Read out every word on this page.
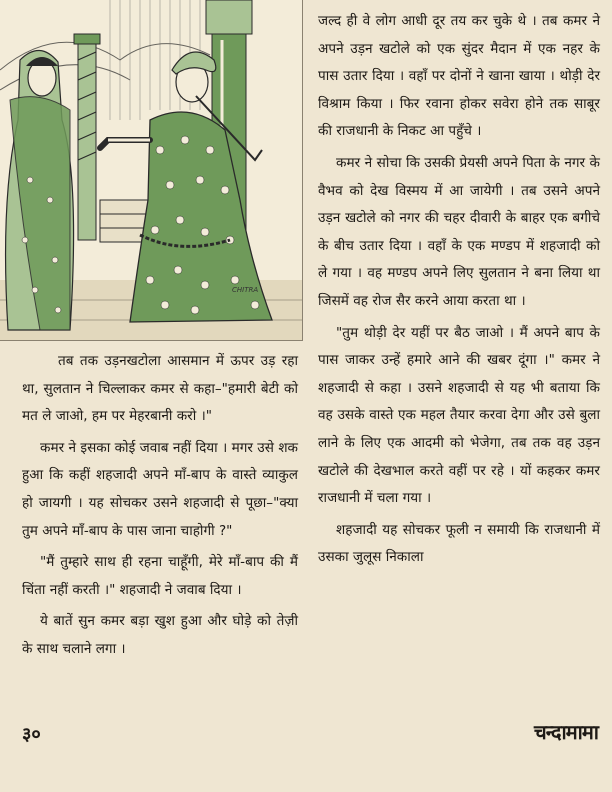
CHITRA

तब तक उड़नखटोला आसमान में ऊपर उड़ रहा था, सुलतान ने चिल्लाकर कमर से कहा–"हमारी बेटी को मत ले जाओ, हम पर मेहरबानी करो ।"

कमर ने इसका कोई जवाब नहीं दिया । मगर उसे शक हुआ कि कहीं शहजादी अपने माँ-बाप के वास्ते व्याकुल हो जायगी । यह सोचकर उसने शहजादी से पूछा–"क्या तुम अपने माँ-बाप के पास जाना चाहोगी ?"

"मैं तुम्हारे साथ ही रहना चाहूँगी, मेरे माँ-बाप की मैं चिंता नहीं करती ।" शहजादी ने जवाब दिया ।

ये बातें सुन कमर बड़ा खुश हुआ और घोड़े को तेज़ी के साथ चलाने लगा ।

जल्द ही वे लोग आधी दूर तय कर चुके थे । तब कमर ने अपने उड़न खटोले को एक सुंदर मैदान में एक नहर के पास उतार दिया । वहाँ पर दोनों ने खाना खाया । थोड़ी देर विश्राम किया । फिर रवाना होकर सवेरा होने तक साबूर की राजधानी के निकट आ पहुँचे ।

कमर ने सोचा कि उसकी प्रेयसी अपने पिता के नगर के वैभव को देख विस्मय में आ जायेगी । तब उसने अपने उड़न खटोले को नगर की चहर दीवारी के बाहर एक बगीचे के बीच उतार दिया । वहाँ के एक मण्डप में शहजादी को ले गया । वह मण्डप अपने लिए सुलतान ने बना लिया था जिसमें वह रोज सैर करने आया करता था ।

"तुम थोड़ी देर यहीं पर बैठ जाओ । मैं अपने बाप के पास जाकर उन्हें हमारे आने की खबर दूंगा ।" कमर ने शहजादी से कहा । उसने शहजादी से यह भी बताया कि वह उसके वास्ते एक महल तैयार करवा देगा और उसे बुला लाने के लिए एक आदमी को भेजेगा, तब तक वह उड़न खटोले की देखभाल करते वहीं पर रहे । यों कहकर कमर राजधानी में चला गया ।

शहजादी यह सोचकर फूली न समायी कि राजधानी में उसका जुलूस निकाला

३०	चन्दामामा
